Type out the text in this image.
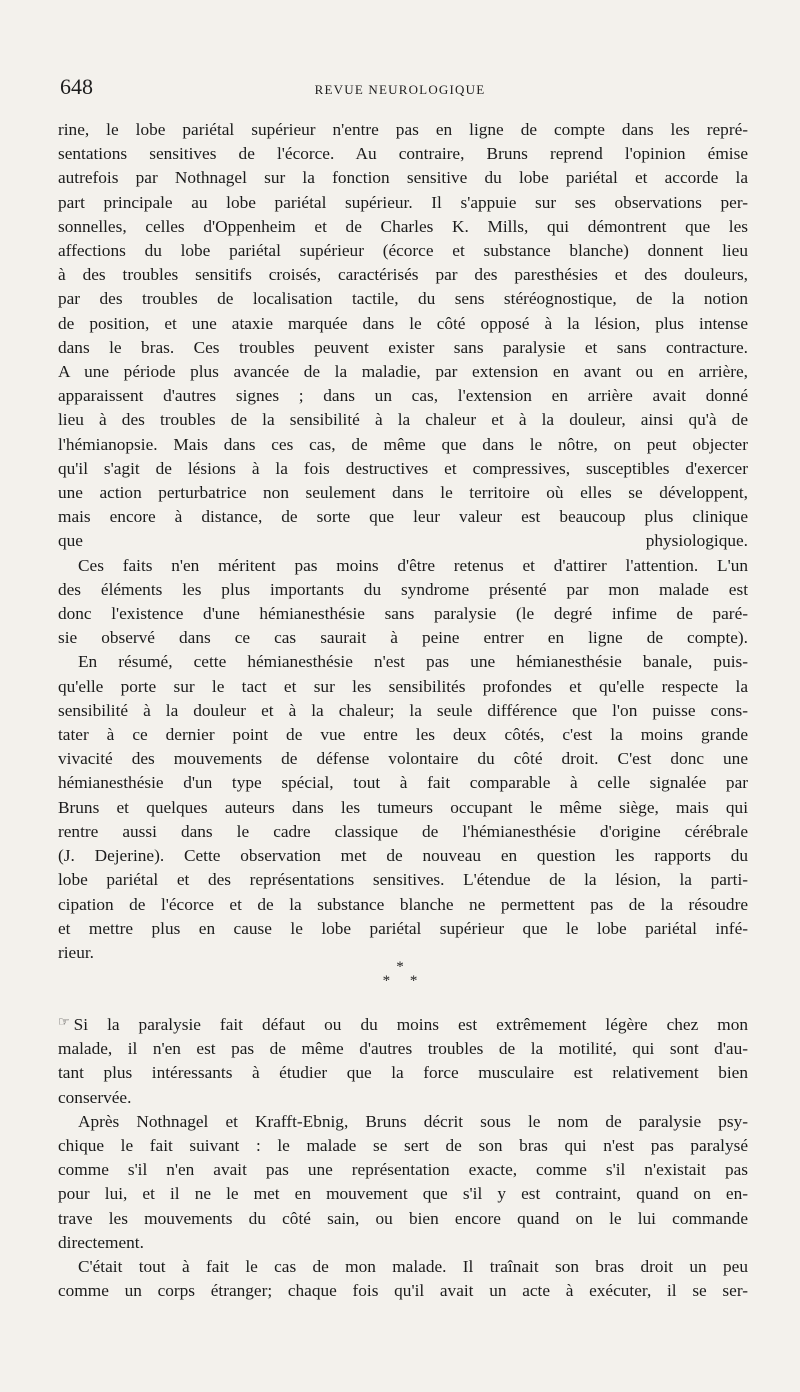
648	REVUE NEUROLOGIQUE

rine, le lobe pariétal supérieur n'entre pas en ligne de compte dans les repré-
sentations sensitives de l'écorce. Au contraire, Bruns reprend l'opinion émise
autrefois par Nothnagel sur la fonction sensitive du lobe pariétal et accorde la
part principale au lobe pariétal supérieur. Il s'appuie sur ses observations per-
sonnelles, celles d'Oppenheim et de Charles K. Mills, qui démontrent que les
affections du lobe pariétal supérieur (écorce et substance blanche) donnent lieu
à des troubles sensitifs croisés, caractérisés par des paresthésies et des douleurs,
par des troubles de localisation tactile, du sens stéréognostique, de la notion
de position, et une ataxie marquée dans le côté opposé à la lésion, plus intense
dans le bras. Ces troubles peuvent exister sans paralysie et sans contracture.
A une période plus avancée de la maladie, par extension en avant ou en arrière,
apparaissent d'autres signes ; dans un cas, l'extension en arrière avait donné
lieu à des troubles de la sensibilité à la chaleur et à la douleur, ainsi qu'à de
l'hémianopsie. Mais dans ces cas, de même que dans le nôtre, on peut objecter
qu'il s'agit de lésions à la fois destructives et compressives, susceptibles d'exercer
une action perturbatrice non seulement dans le territoire où elles se développent,
mais encore à distance, de sorte que leur valeur est beaucoup plus clinique
que physiologique.

Ces faits n'en méritent pas moins d'être retenus et d'attirer l'attention. L'un
des éléments les plus importants du syndrome présenté par mon malade est
donc l'existence d'une hémianesthésie sans paralysie (le degré infime de paré-
sie observé dans ce cas saurait à peine entrer en ligne de compte).

En résumé, cette hémianesthésie n'est pas une hémianesthésie banale, puis-
qu'elle porte sur le tact et sur les sensibilités profondes et qu'elle respecte la
sensibilité à la douleur et à la chaleur; la seule différence que l'on puisse cons-
tater à ce dernier point de vue entre les deux côtés, c'est la moins grande
vivacité des mouvements de défense volontaire du côté droit. C'est donc une
hémianesthésie d'un type spécial, tout à fait comparable à celle signalée par
Bruns et quelques auteurs dans les tumeurs occupant le même siège, mais qui
rentre aussi dans le cadre classique de l'hémianesthésie d'origine cérébrale
(J. Dejerine). Cette observation met de nouveau en question les rapports du
lobe pariétal et des représentations sensitives. L'étendue de la lésion, la parti-
cipation de l'écorce et de la substance blanche ne permettent pas de la résoudre
et mettre plus en cause le lobe pariétal supérieur que le lobe pariétal infé-
rieur.

*
* *

☞ Si la paralysie fait défaut ou du moins est extrêmement légère chez mon
malade, il n'en est pas de même d'autres troubles de la motilité, qui sont d'au-
tant plus intéressants à étudier que la force musculaire est relativement bien
conservée.

Après Nothnagel et Krafft-Ebnig, Bruns décrit sous le nom de paralysie psy-
chique le fait suivant : le malade se sert de son bras qui n'est pas paralysé
comme s'il n'en avait pas une représentation exacte, comme s'il n'existait pas
pour lui, et il ne le met en mouvement que s'il y est contraint, quand on en-
trave les mouvements du côté sain, ou bien encore quand on le lui commande
directement.

C'était tout à fait le cas de mon malade. Il traînait son bras droit un peu
comme un corps étranger; chaque fois qu'il avait un acte à exécuter, il se ser-
